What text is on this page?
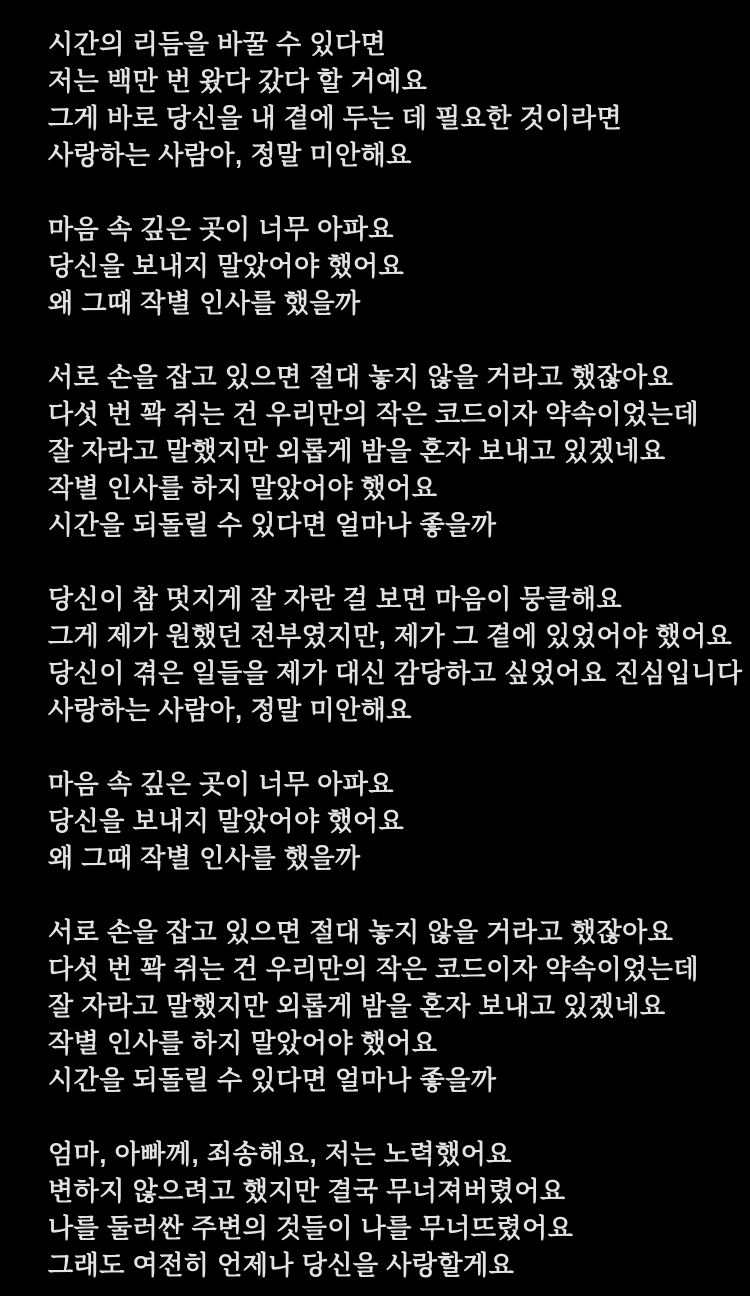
시간의 리듬을 바꿀 수 있다면

저는 백만 번 왔다 갔다 할 거예요

그게 바로 당신을 내 곁에 두는 데 필요한 것이라면

사랑하는 사람아, 정말 미안해요

마음 속 깊은 곳이 너무 아파요

당신을 보내지 말았어야 했어요

왜 그때 작별 인사를 했을까

서로 손을 잡고 있으면 절대 놓지 않을 거라고 했잖아요

다섯 번 꽉 쥐는 건 우리만의 작은 코드이자 약속이었는데

잘 자라고 말했지만 외롭게 밤을 혼자 보내고 있겠네요

작별 인사를 하지 말았어야 했어요

시간을 되돌릴 수 있다면 얼마나 좋을까

당신이 참 멋지게 잘 자란 걸 보면 마음이 뭉클해요

그게 제가 원했던 전부였지만, 제가 그 곁에 있었어야 했어요

당신이 겪은 일들을 제가 대신 감당하고 싶었어요 진심입니다

사랑하는 사람아, 정말 미안해요

마음 속 깊은 곳이 너무 아파요

당신을 보내지 말았어야 했어요

왜 그때 작별 인사를 했을까

서로 손을 잡고 있으면 절대 놓지 않을 거라고 했잖아요

다섯 번 꽉 쥐는 건 우리만의 작은 코드이자 약속이었는데

잘 자라고 말했지만 외롭게 밤을 혼자 보내고 있겠네요

작별 인사를 하지 말았어야 했어요

시간을 되돌릴 수 있다면 얼마나 좋을까

엄마, 아빠께, 죄송해요, 저는 노력했어요

변하지 않으려고 했지만 결국 무너져버렸어요

나를 둘러싼 주변의 것들이 나를 무너뜨렸어요

그래도 여전히 언제나 당신을 사랑할게요
